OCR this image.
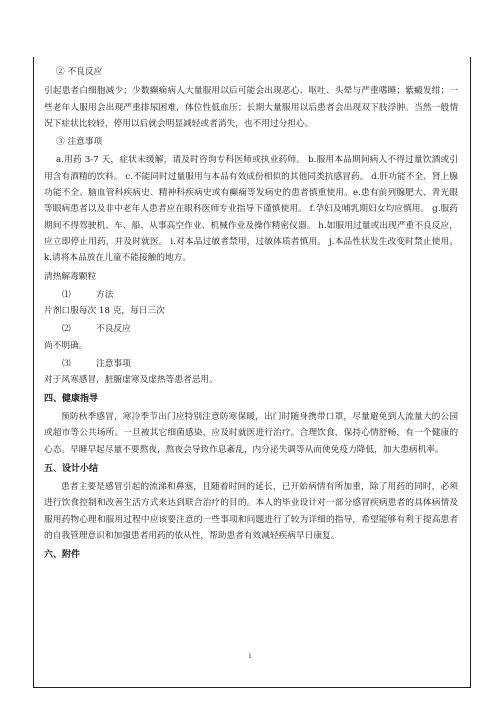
② 不良反应

引起患者白细胞减少；少数癫痫病人大量服用以后可能会出现恶心、呕吐、头晕与严重嗜睡；紫癜发绀；一些老年人服用会出现严重排尿困难，体位性低血压；长期大量服用以后患者会出现双下肢浮肿。当然一般情况下症状比较轻，停用以后就会明显减轻或者消失，也不用过分担心。

③ 注意事项

a.用药 3-7 天，症状未缓解，请及时咨询专科医师或执业药师。 b.服用本品期间病人不得过量饮酒或引用含有酒精的饮料。 c.不能同时过量服用与本品有效成份相似的其他同类抗感冒药。 d.肝功能不全、肾上腺功能不全、脑血管科疾病史、精神科疾病史或有癫痫等发病史的患者慎重使用。e.患有前列腺肥大、青光眼等眼病患者以及非中老年人患者应在眼科医师专业指导下谨慎使用。 f.孕妇及哺乳期妇女均应慎用。 g.服药期间不得驾驶机、车、船、从事高空作业、机械作业及操作精密仪器。 h.如服用过量或出现严重不良反应，应立即停止用药，并及时就医。 i.对本品过敏者禁用，过敏体质者慎用。 j.本品性状发生改变时禁止使用。 k.请将本品放在儿童不能接触的地方。

清热解毒颗粒

⑴	方法

片剂口服每次 18 克，每日三次

⑵	不良反应

尚不明确。

⑶	注意事项

对于风寒感冒，脏腑虚寒及虚热等患者忌用。

四、健康指导

预防秋季感冒，寒冷季节出门应特别注意防寒保暖，出门时随身携带口罩，尽量避免到人流量大的公园或超市等公共场所。一旦被其它细菌感染，应及时就医进行治疗。合理饮食，保持心情舒畅，有一个健康的心态。早睡早起尽量不要熬夜，熬夜会导致作息紊乱，内分泌失调等从而使免疫力降低，加大患病机率。

五、设计小结

患者主要是感冒引起的流涕和鼻塞，且随着时间的延长，已开始病情有所加重，除了用药的同时，必须进行饮食控制和改善生活方式来达到联合治疗的目的。本人的毕业设计对一部分感冒疾病患者的具体病情及服用药物心理和服用过程中应该要注意的一些事项和问题进行了较为详细的指导，希望能够有利于提高患者的自我管理意识和加强患者用药的依从性，帮助患者有效减轻疾病早日康复。

六、附件

i
